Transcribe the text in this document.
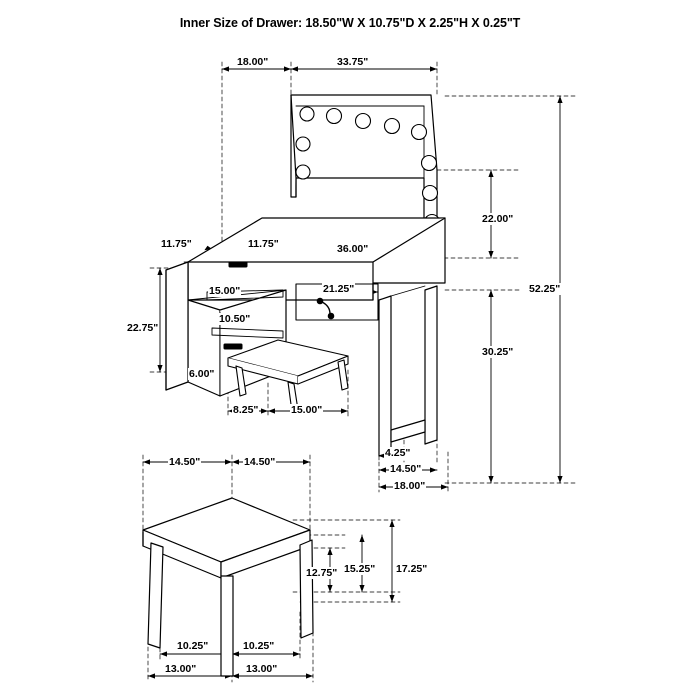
Inner Size of Drawer: 18.50"W X 10.75"D X 2.25"H X 0.25"T
18.00"	33.75"
22.00"
52.25"
30.25"
11.75"	11.75"	36.00"
21.25"
15.00"
10.50"
22.75"
6.00"
8.25"	15.00"
4.25"
14.50"
18.00"
14.50"	14.50"
12.75" 15.25" 17.25"
10.25"	10.25"
13.00"	13.00"
